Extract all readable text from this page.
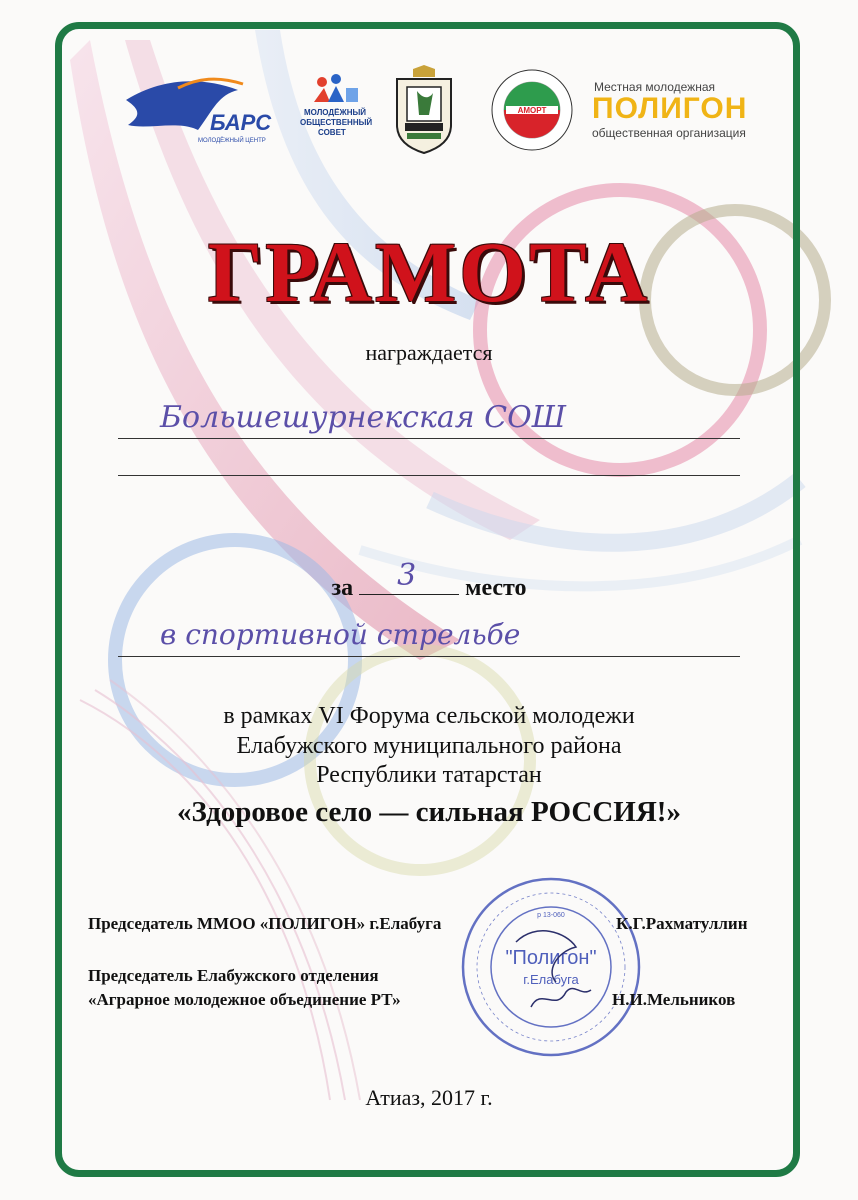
БАРС
МОЛОДЁЖНЫЙ ЦЕНТР
МОЛОДЁЖНЫЙ
ОБЩЕСТВЕННЫЙ
СОВЕТ
АМОРТ
Местная молодежная
ПОЛИГОН
общественная организация
ГРАМОТА
награждается
Большешурнекская СОШ
за 3 место
в спортивной стрельбе
в рамках VI Форума сельской молодежи
Елабужского муниципального района
Республики татарстан
«Здоровое село — сильная РОССИЯ!»
"Полигон"
г.Елабуга
р 13-060
Председатель ММОО «ПОЛИГОН» г.Елабуга	К.Г.Рахматуллин
Председатель Елабужского отделения
«Аграрное молодежное объединение РТ»	Н.И.Мельников
Атиаз, 2017 г.
